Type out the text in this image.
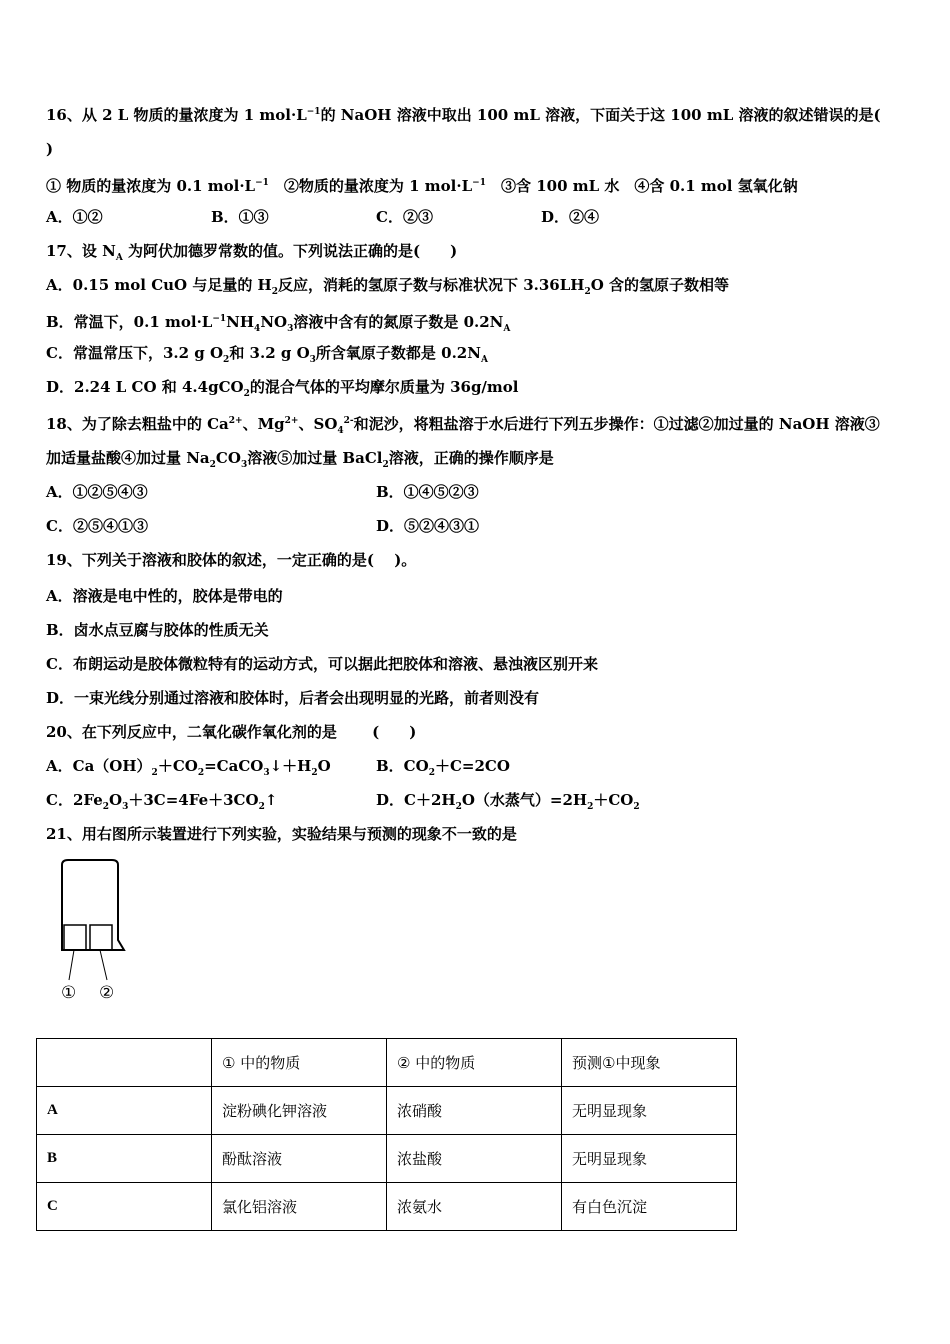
16、从 2 L 物质的量浓度为 1 $mol\cdot L^{-1}$的 NaOH 溶液中取出 100 mL 溶液，下面关于这 100 mL 溶液的叙述错误的是(
)
① 物质的量浓度为 0.1 $mol\cdot L^{-1}$　②物质的量浓度为 1 $mol\cdot L^{-1}$　③含 100 mL 水　④含 0.1 mol 氢氧化钠
A．①②	B．①③	C．②③	D．②④
17、设 $N_A$ 为阿伏加德罗常数的值。下列说法正确的是(　　)
A．0.15 mol CuO 与足量的 $H_2$反应，消耗的氢原子数与标准状况下 $3.36LH_2O$ 含的氢原子数相等
B．常温下，0.1 $mol\cdot L^{-1}NH_4NO_3$溶液中含有的氮原子数是 $0.2N_A$
C．常温常压下，3.2 g $O_2$和 3.2 g $O_3$所含氧原子数都是 $0.2N_A$
D．2.24 L CO 和 4.4gCO$_2$的混合气体的平均摩尔质量为 36g/mol
18、为了除去粗盐中的 $Ca^{2+}$、$Mg^{2+}$、$SO_4^{2-}$和泥沙，将粗盐溶于水后进行下列五步操作：①过滤②加过量的 NaOH 溶液③
加适量盐酸④加过量 $Na_2CO_3$溶液⑤加过量 BaCl$_2$溶液，正确的操作顺序是
A．①②⑤④③	B．①④⑤②③
C．②⑤④①③	D．⑤②④③①
19、下列关于溶液和胶体的叙述，一定正确的是(　 )。
A．溶液是电中性的，胶体是带电的
B．卤水点豆腐与胶体的性质无关
C．布朗运动是胶体微粒特有的运动方式，可以据此把胶体和溶液、悬浊液区别开来
D．一束光线分别通过溶液和胶体时，后者会出现明显的光路，前者则没有
20、在下列反应中，二氧化碳作氧化剂的是　　 (　　)
A．$Ca(OH)_2+CO_2=CaCO_3↓+H_2O$	B．$CO_2+C=2CO$
C．$2Fe_2O_3+3C=4Fe+3CO_2↑$	D．$C+2H_2O$（水蒸气）$=2H_2+CO_2$
21、用右图所示装置进行下列实验，实验结果与预测的现象不一致的是
① ②
	① 中的物质	② 中的物质	预测①中现象
A	淀粉碘化钾溶液	浓硝酸	无明显现象
B	酚酞溶液	浓盐酸	无明显现象
C	氯化铝溶液	浓氨水	有白色沉淀
